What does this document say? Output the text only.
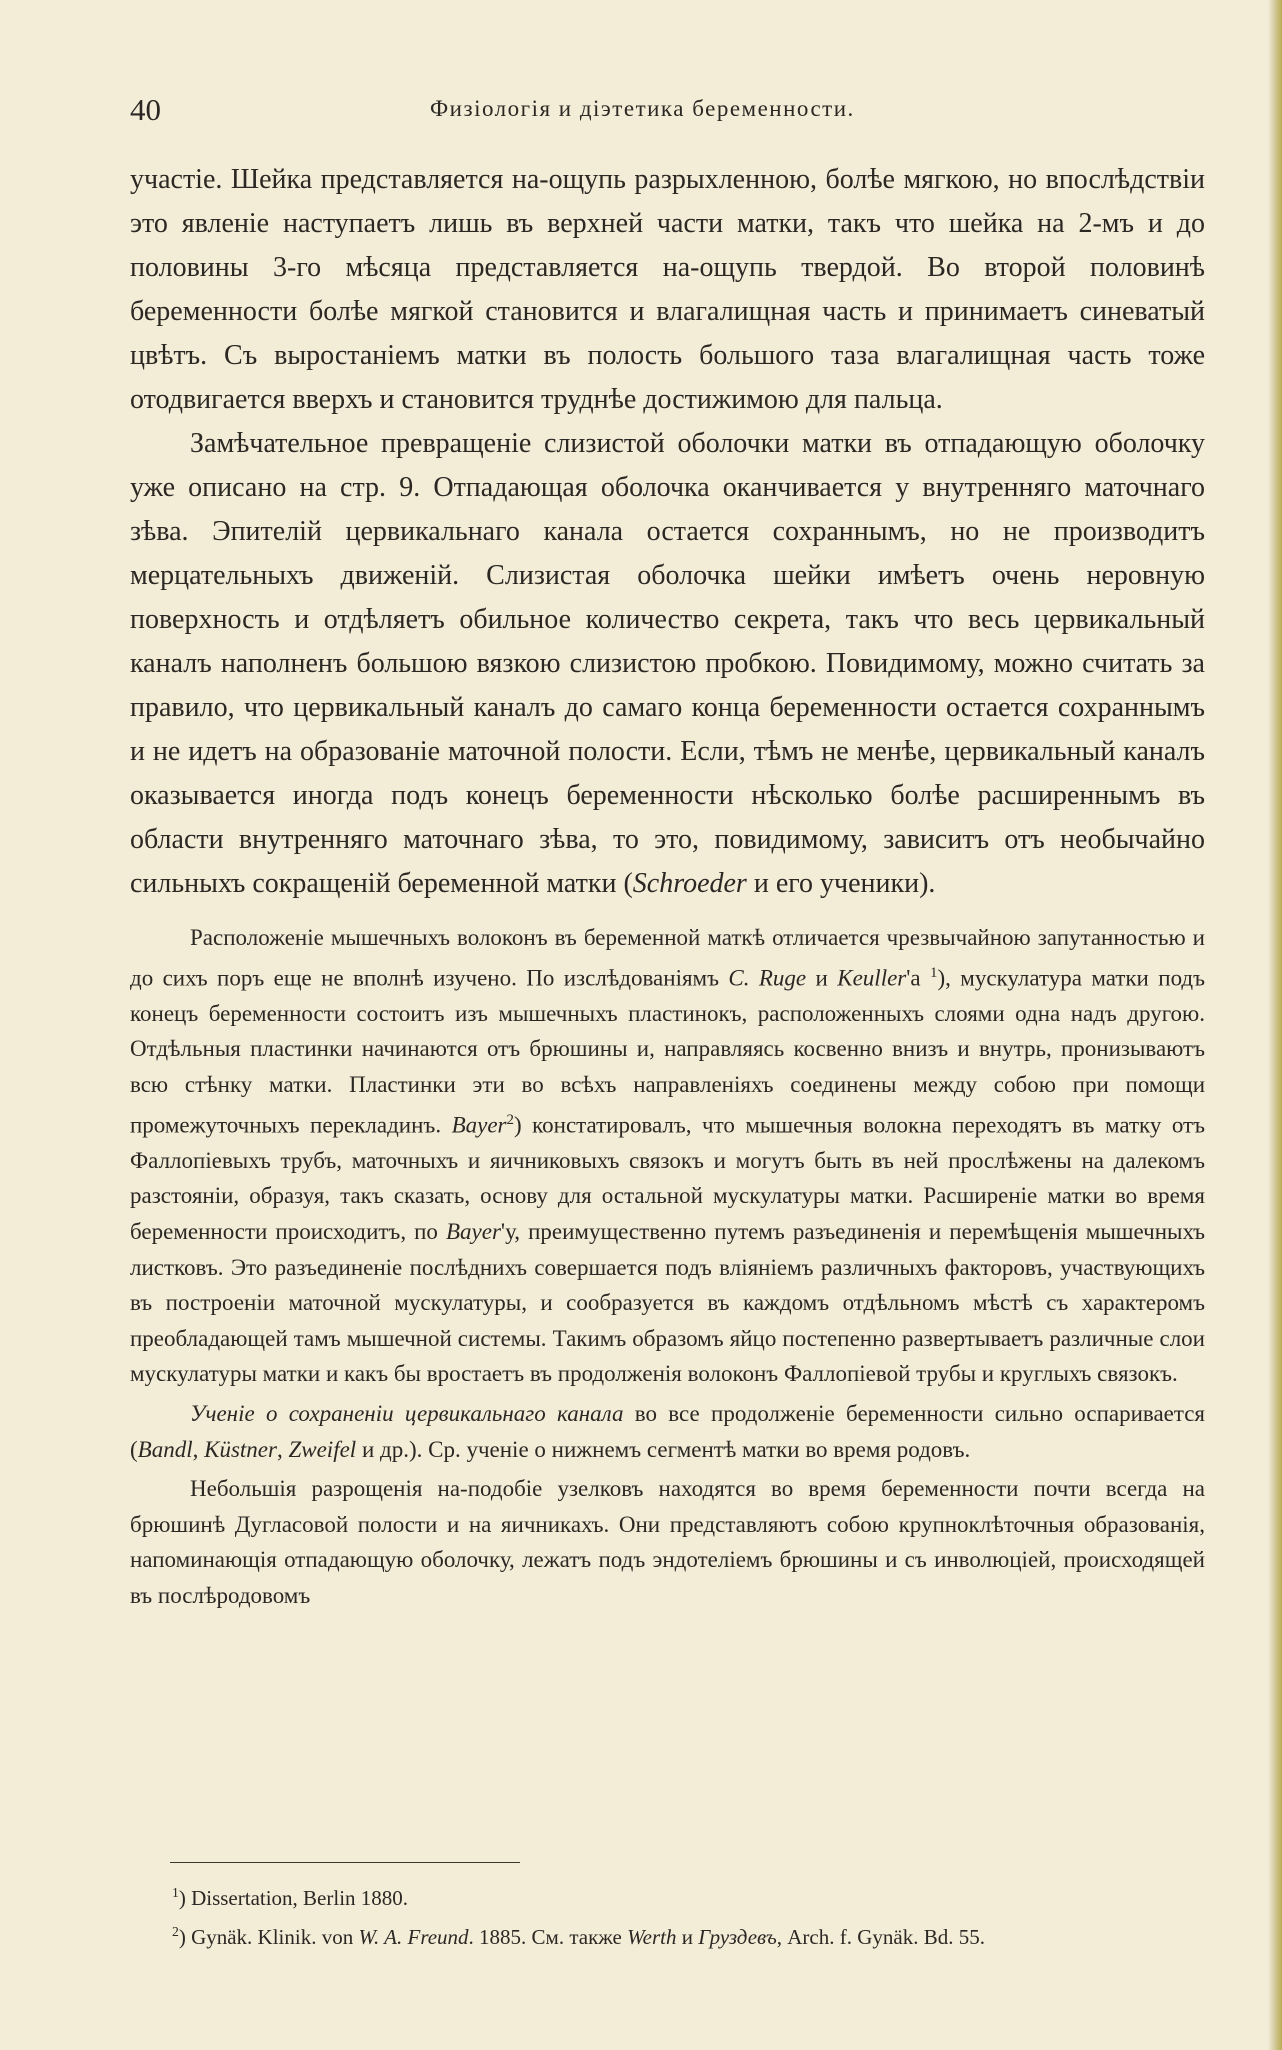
40	Физіологія и діэтетика беременности.

участіе. Шейка представляется на-ощупь разрыхленною, болѣе мягкою, но впослѣдствіи это явленіе наступаетъ лишь въ верхней части матки, такъ что шейка на 2-мъ и до половины 3-го мѣсяца представляется на-ощупь твердой. Во второй половинѣ беременности болѣе мягкой становится и влагалищная часть и принимаетъ синеватый цвѣтъ. Съ выростаніемъ матки въ полость большого таза влагалищная часть тоже отодвигается вверхъ и становится труднѣе достижимою для пальца.

Замѣчательное превращеніе слизистой оболочки матки въ отпадающую оболочку уже описано на стр. 9. Отпадающая оболочка оканчивается у внутренняго маточнаго зѣва. Эпителій цервикальнаго канала остается сохраннымъ, но не производитъ мерцательныхъ движеній. Слизистая оболочка шейки имѣетъ очень неровную поверхность и отдѣляетъ обильное количество секрета, такъ что весь цервикальный каналъ наполненъ большою вязкою слизистою пробкою. Повидимому, можно считать за правило, что цервикальный каналъ до самаго конца беременности остается сохраннымъ и не идетъ на образованіе маточной полости. Если, тѣмъ не менѣе, цервикальный каналъ оказывается иногда подъ конецъ беременности нѣсколько болѣе расширеннымъ въ области внутренняго маточнаго зѣва, то это, повидимому, зависитъ отъ необычайно сильныхъ сокращеній беременной матки (Schroeder и его ученики).

Расположеніе мышечныхъ волоконъ въ беременной маткѣ отличается чрезвычайною запутанностью и до сихъ поръ еще не вполнѣ изучено. По изслѣдованіямъ C. Ruge и Keuller'а $^1$), мускулатура матки подъ конецъ беременности состоитъ изъ мышечныхъ пластинокъ, расположенныхъ слоями одна надъ другою. Отдѣльныя пластинки начинаются отъ брюшины и, направляясь косвенно внизъ и внутрь, пронизываютъ всю стѣнку матки. Пластинки эти во всѣхъ направленіяхъ соединены между собою при помощи промежуточныхъ перекладинъ. Bayer$^2$) констатировалъ, что мышечныя волокна переходятъ въ матку отъ Фаллопіевыхъ трубъ, маточныхъ и яичниковыхъ связокъ и могутъ быть въ ней прослѣжены на далекомъ разстояніи, образуя, такъ сказать, основу для остальной мускулатуры матки. Расширеніе матки во время беременности происходитъ, по Bayer'у, преимущественно путемъ разъединенія и перемѣщенія мышечныхъ листковъ. Это разъединеніе послѣднихъ совершается подъ вліяніемъ различныхъ факторовъ, участвующихъ въ построеніи маточной мускулатуры, и сообразуется въ каждомъ отдѣльномъ мѣстѣ съ характеромъ преобладающей тамъ мышечной системы. Такимъ образомъ яйцо постепенно развертываетъ различные слои мускулатуры матки и какъ бы вростаетъ въ продолженія волоконъ Фаллопіевой трубы и круглыхъ связокъ.

Ученіе о сохраненіи цервикальнаго канала во все продолженіе беременности сильно оспаривается (Bandl, Küstner, Zweifel и др.). Ср. ученіе о нижнемъ сегментѣ матки во время родовъ.

Небольшія разрощенія на-подобіе узелковъ находятся во время беременности почти всегда на брюшинѣ Дугласовой полости и на яичникахъ. Они представляютъ собою крупноклѣточныя образованія, напоминающія отпадающую оболочку, лежатъ подъ эндотеліемъ брюшины и съ инволюціей, происходящей въ послѣродовомъ

$^1$) Dissertation, Berlin 1880.

$^2$) Gynäk. Klinik. von W. A. Freund. 1885. См. также Werth и Груздевъ, Arch. f. Gynäk. Bd. 55.
